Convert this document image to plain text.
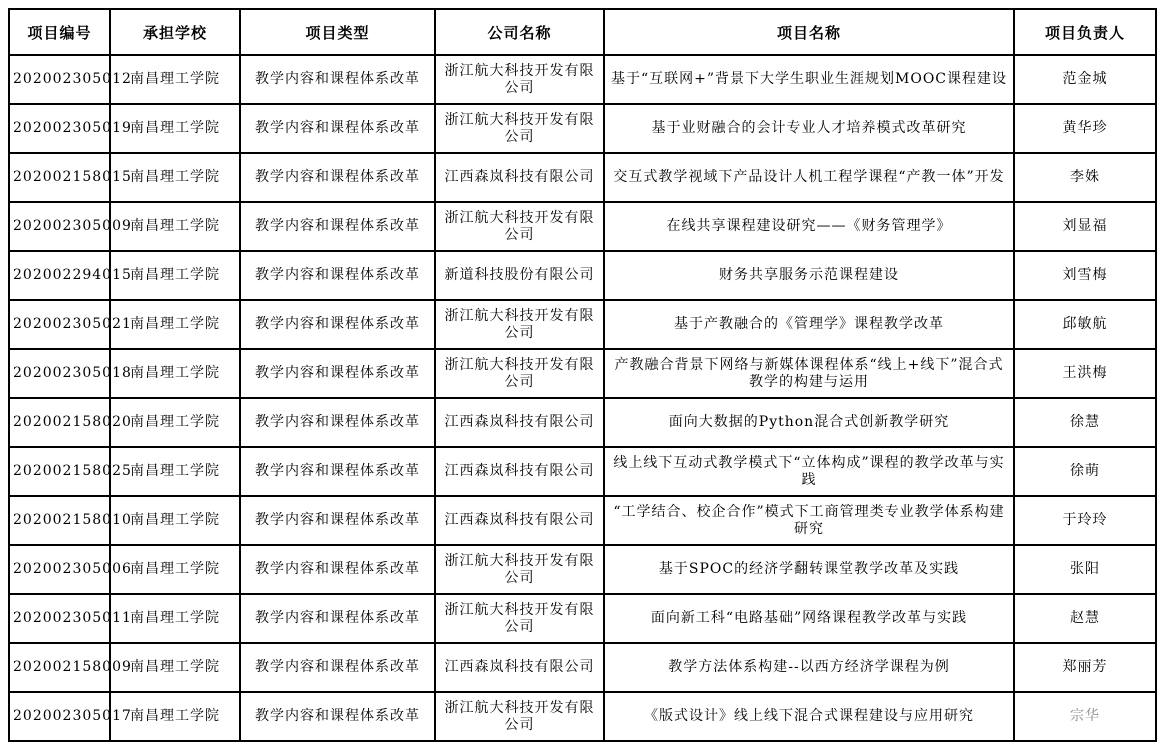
项目编号	承担学校	项目类型	公司名称	项目名称	项目负责人
202002305012	南昌理工学院	教学内容和课程体系改革	浙江航大科技开发有限公司	基于“互联网+”背景下大学生职业生涯规划MOOC课程建设	范金城
202002305019	南昌理工学院	教学内容和课程体系改革	浙江航大科技开发有限公司	基于业财融合的会计专业人才培养模式改革研究	黄华珍
202002158015	南昌理工学院	教学内容和课程体系改革	江西森岚科技有限公司	交互式教学视域下产品设计人机工程学课程“产教一体”开发	李姝
202002305009	南昌理工学院	教学内容和课程体系改革	浙江航大科技开发有限公司	在线共享课程建设研究——《财务管理学》	刘显福
202002294015	南昌理工学院	教学内容和课程体系改革	新道科技股份有限公司	财务共享服务示范课程建设	刘雪梅
202002305021	南昌理工学院	教学内容和课程体系改革	浙江航大科技开发有限公司	基于产教融合的《管理学》课程教学改革	邱敏航
202002305018	南昌理工学院	教学内容和课程体系改革	浙江航大科技开发有限公司	产教融合背景下网络与新媒体课程体系“线上+线下”混合式教学的构建与运用	王洪梅
202002158020	南昌理工学院	教学内容和课程体系改革	江西森岚科技有限公司	面向大数据的Python混合式创新教学研究	徐慧
202002158025	南昌理工学院	教学内容和课程体系改革	江西森岚科技有限公司	线上线下互动式教学模式下“立体构成”课程的教学改革与实践	徐萌
202002158010	南昌理工学院	教学内容和课程体系改革	江西森岚科技有限公司	“工学结合、校企合作”模式下工商管理类专业教学体系构建研究	于玲玲
202002305006	南昌理工学院	教学内容和课程体系改革	浙江航大科技开发有限公司	基于SPOC的经济学翻转课堂教学改革及实践	张阳
202002305011	南昌理工学院	教学内容和课程体系改革	浙江航大科技开发有限公司	面向新工科“电路基础”网络课程教学改革与实践	赵慧
202002158009	南昌理工学院	教学内容和课程体系改革	江西森岚科技有限公司	教学方法体系构建--以西方经济学课程为例	郑丽芳
202002305017	南昌理工学院	教学内容和课程体系改革	浙江航大科技开发有限公司	《版式设计》线上线下混合式课程建设与应用研究	宗华
